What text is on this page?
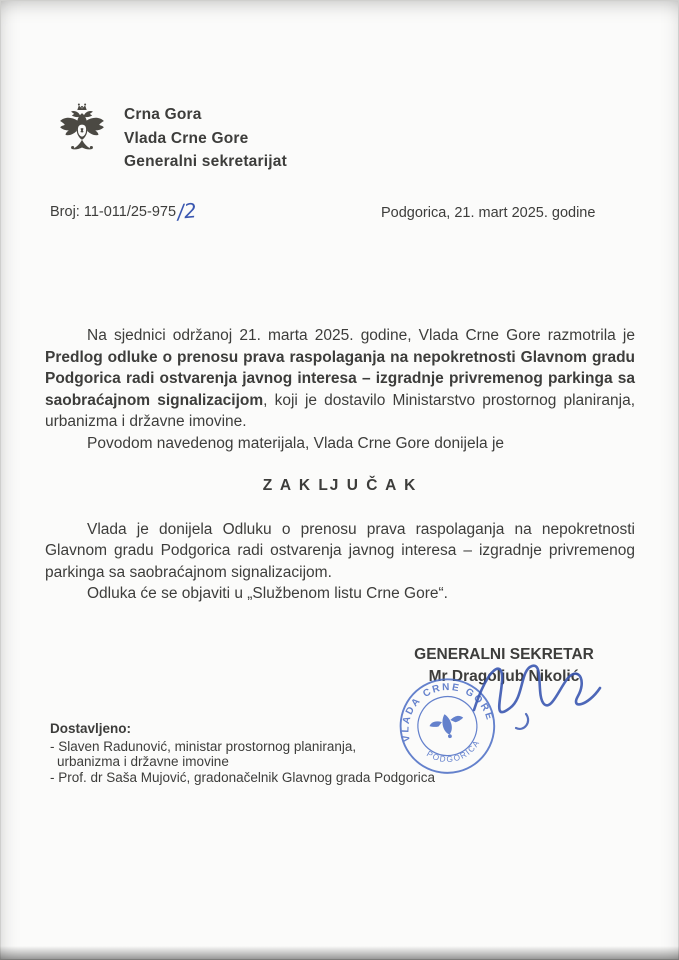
Crna Gora
Vlada Crne Gore
Generalni sekretarijat
Broj: 11-011/25-975/2	Podgorica, 21. mart 2025. godine

Na sjednici održanoj 21. marta 2025. godine, Vlada Crne Gore razmotrila je Predlog odluke o prenosu prava raspolaganja na nepokretnosti Glavnom gradu Podgorica radi ostvarenja javnog interesa – izgradnje privremenog parkinga sa saobraćajnom signalizacijom, koji je dostavilo Ministarstvo prostornog planiranja, urbanizma i državne imovine.

Povodom navedenog materijala, Vlada Crne Gore donijela je

Z A K LJ U Č A K

Vlada je donijela Odluku o prenosu prava raspolaganja na nepokretnosti Glavnom gradu Podgorica radi ostvarenja javnog interesa – izgradnje privremenog parkinga sa saobraćajnom signalizacijom.

Odluka će se objaviti u „Službenom listu Crne Gore“.

GENERALNI SEKRETAR
Mr Dragoljub Nikolić
VLADA CRNE GORE
PODGORICA
Dostavljeno:
- Slaven Radunović, ministar prostornog planiranja,
urbanizma i državne imovine
- Prof. dr Saša Mujović, gradonačelnik Glavnog grada Podgorica
